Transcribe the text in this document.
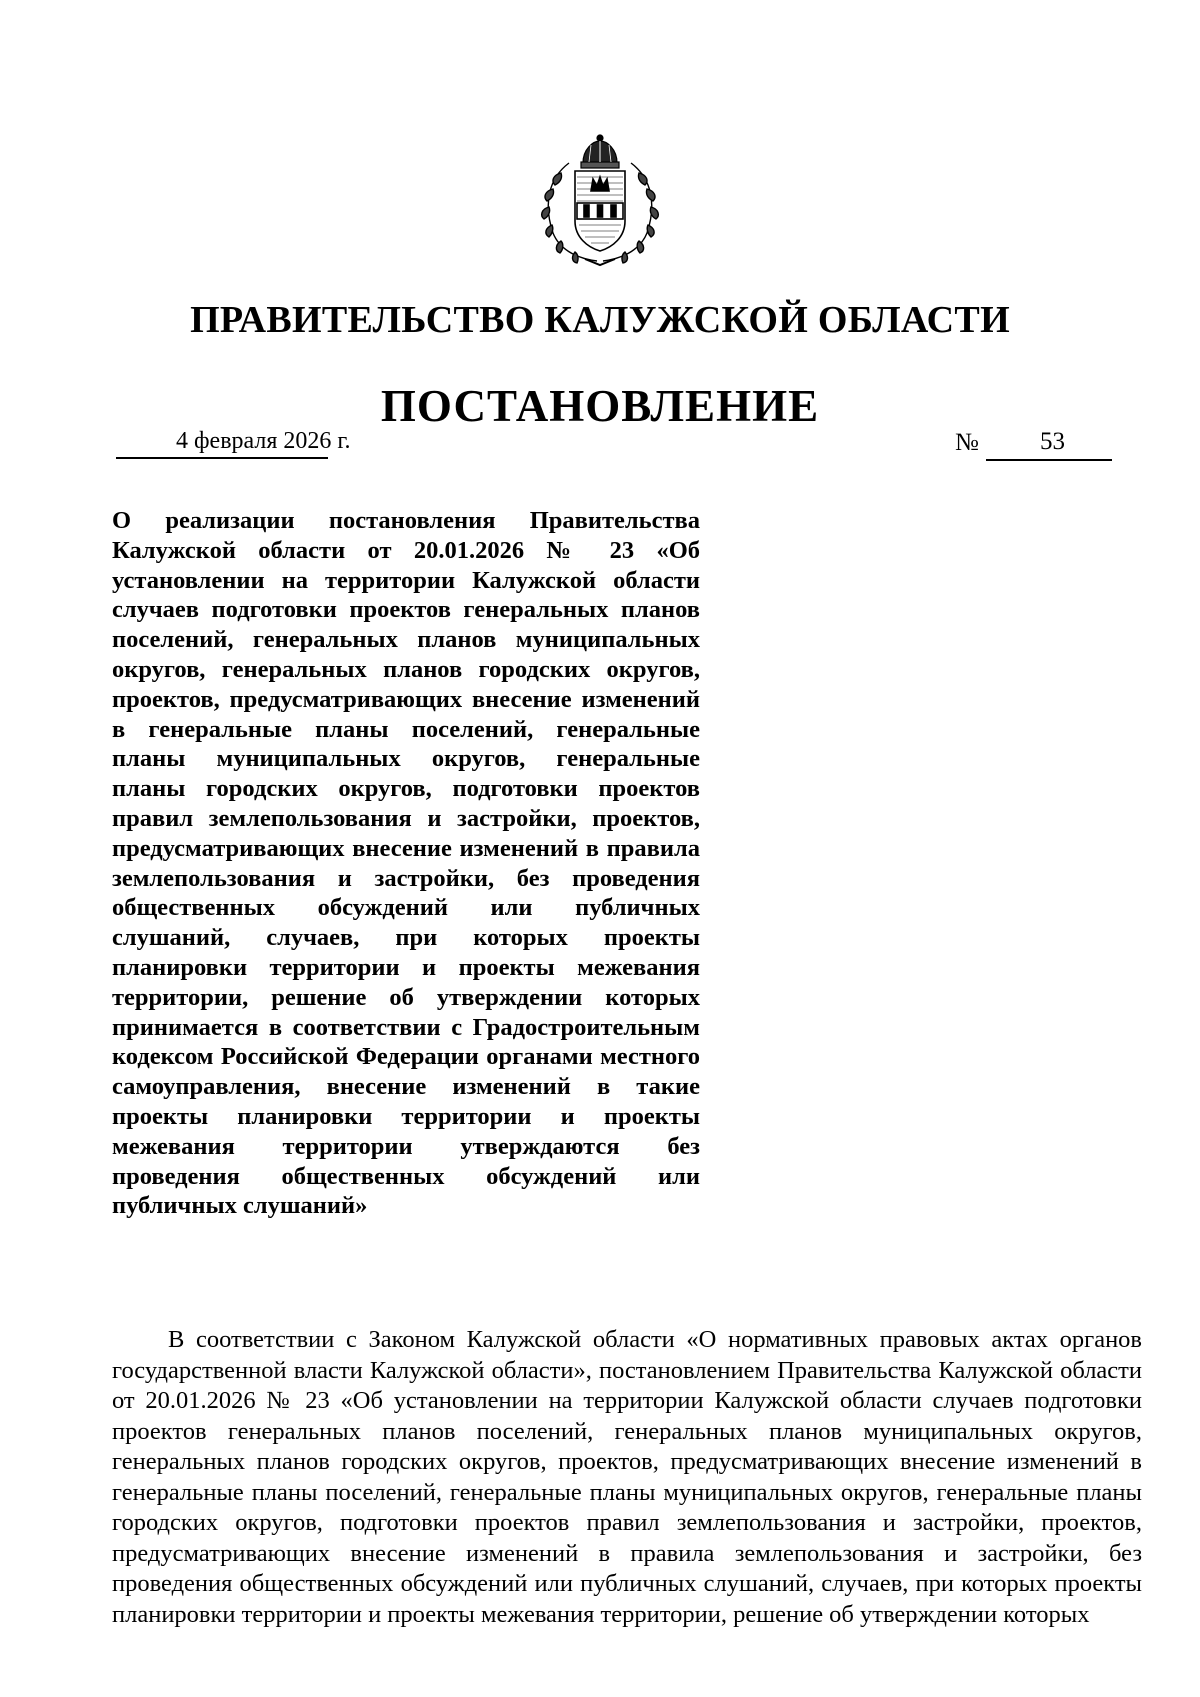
ПРАВИТЕЛЬСТВО КАЛУЖСКОЙ ОБЛАСТИ
ПОСТАНОВЛЕНИЕ
4 февраля 2026 г.	№ 53

О реализации постановления Правительства Калужской области от 20.01.2026 № 23 «Об установлении на территории Калужской области случаев подготовки проектов генеральных планов поселений, генеральных планов муниципальных округов, генеральных планов городских округов, проектов, предусматривающих внесение изменений в генеральные планы поселений, генеральные планы муниципальных округов, генеральные планы городских округов, подготовки проектов правил землепользования и застройки, проектов, предусматривающих внесение изменений в правила землепользования и застройки, без проведения общественных обсуждений или публичных слушаний, случаев, при которых проекты планировки территории и проекты межевания территории, решение об утверждении которых принимается в соответствии с Градостроительным кодексом Российской Федерации органами местного самоуправления, внесение изменений в такие проекты планировки территории и проекты межевания территории утверждаются без проведения общественных обсуждений или публичных слушаний»

В соответствии с Законом Калужской области «О нормативных правовых актах органов государственной власти Калужской области», постановлением Правительства Калужской области от 20.01.2026 № 23 «Об установлении на территории Калужской области случаев подготовки проектов генеральных планов поселений, генеральных планов муниципальных округов, генеральных планов городских округов, проектов, предусматривающих внесение изменений в генеральные планы поселений, генеральные планы муниципальных округов, генеральные планы городских округов, подготовки проектов правил землепользования и застройки, проектов, предусматривающих внесение изменений в правила землепользования и застройки, без проведения общественных обсуждений или публичных слушаний, случаев, при которых проекты планировки территории и проекты межевания территории, решение об утверждении которых
